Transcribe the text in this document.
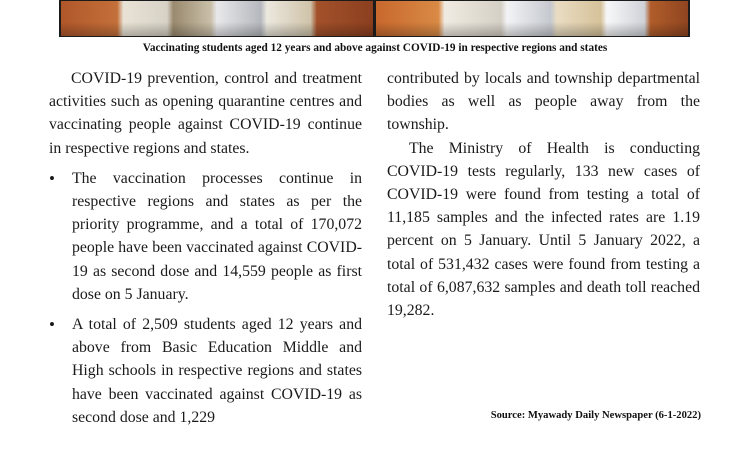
Vaccinating students aged 12 years and above against COVID-19 in respective regions and states

COVID-19 prevention, control and treatment activities such as opening quarantine centres and vaccinating people against COVID-19 continue in respective regions and states.

• The vaccination processes continue in respective regions and states as per the priority programme, and a total of 170,072 people have been vaccinated against COVID-19 as second dose and 14,559 people as first dose on 5 January.
• A total of 2,509 students aged 12 years and above from Basic Education Middle and High schools in respective regions and states have been vaccinated against COVID-19 as second dose and 1,229

contributed by locals and township departmental bodies as well as people away from the township.

The Ministry of Health is conducting COVID-19 tests regularly, 133 new cases of COVID-19 were found from testing a total of 11,185 samples and the infected rates are 1.19 percent on 5 January. Until 5 January 2022, a total of 531,432 cases were found from testing a total of 6,087,632 samples and death toll reached 19,282.

Source: Myawady Daily Newspaper (6-1-2022)
